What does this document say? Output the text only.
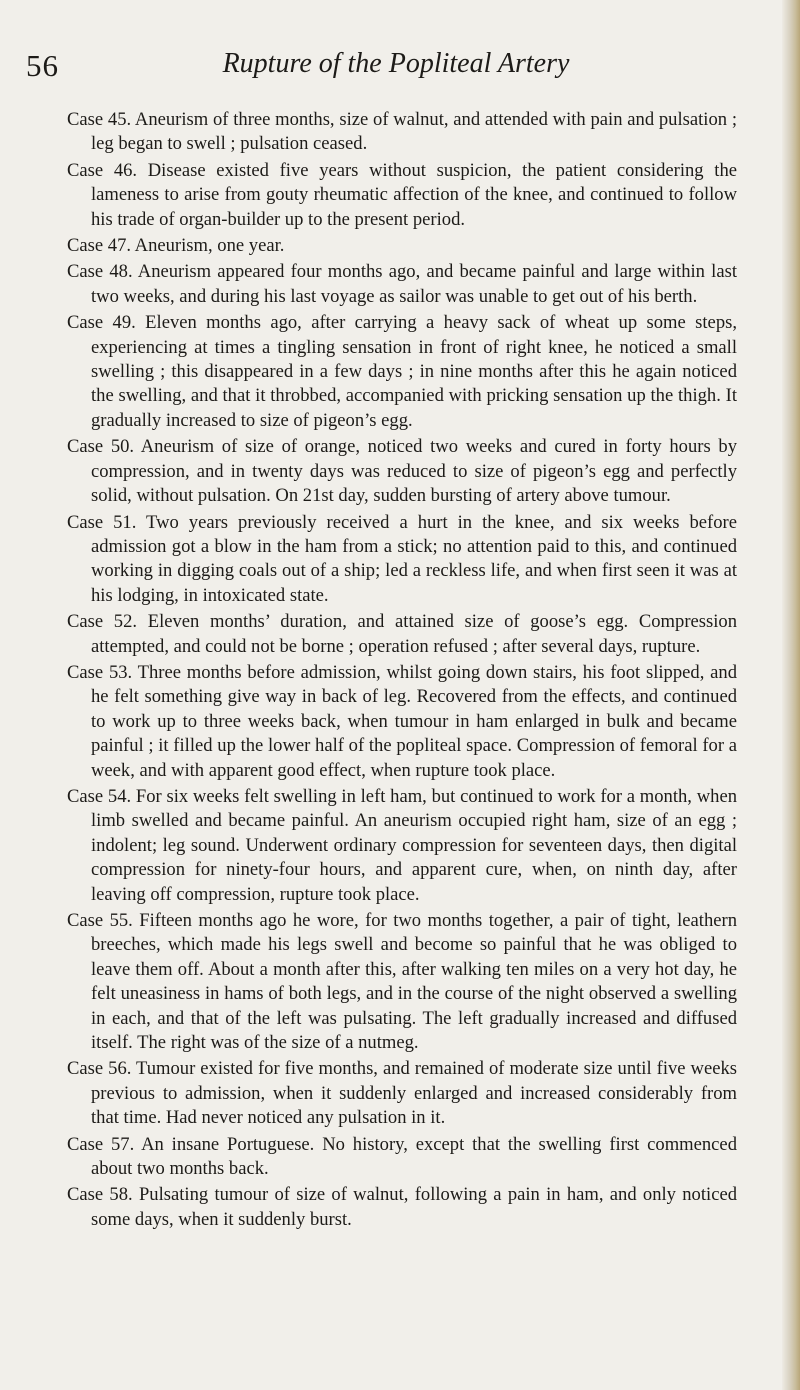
56	Rupture of the Popliteal Artery

Case 45. Aneurism of three months, size of walnut, and attended with pain and pulsation ; leg began to swell ; pulsation ceased.

Case 46. Disease existed five years without suspicion, the patient considering the lameness to arise from gouty rheumatic affection of the knee, and continued to follow his trade of organ-builder up to the present period.

Case 47. Aneurism, one year.

Case 48. Aneurism appeared four months ago, and became painful and large within last two weeks, and during his last voyage as sailor was unable to get out of his berth.

Case 49. Eleven months ago, after carrying a heavy sack of wheat up some steps, experiencing at times a tingling sensation in front of right knee, he noticed a small swelling ; this disappeared in a few days ; in nine months after this he again noticed the swelling, and that it throbbed, accompanied with pricking sensation up the thigh. It gradually increased to size of pigeon’s egg.

Case 50. Aneurism of size of orange, noticed two weeks and cured in forty hours by compression, and in twenty days was reduced to size of pigeon’s egg and perfectly solid, without pulsation. On 21st day, sudden bursting of artery above tumour.

Case 51. Two years previously received a hurt in the knee, and six weeks before admission got a blow in the ham from a stick; no attention paid to this, and continued working in digging coals out of a ship; led a reckless life, and when first seen it was at his lodging, in intoxicated state.

Case 52. Eleven months’ duration, and attained size of goose’s egg. Compression attempted, and could not be borne ; operation refused ; after several days, rupture.

Case 53. Three months before admission, whilst going down stairs, his foot slipped, and he felt something give way in back of leg. Recovered from the effects, and continued to work up to three weeks back, when tumour in ham enlarged in bulk and became painful ; it filled up the lower half of the popliteal space. Compression of femoral for a week, and with apparent good effect, when rupture took place.

Case 54. For six weeks felt swelling in left ham, but continued to work for a month, when limb swelled and became painful. An aneurism occupied right ham, size of an egg ; indolent; leg sound. Underwent ordinary compression for seventeen days, then digital compression for ninety-four hours, and apparent cure, when, on ninth day, after leaving off compression, rupture took place.

Case 55. Fifteen months ago he wore, for two months together, a pair of tight, leathern breeches, which made his legs swell and become so painful that he was obliged to leave them off. About a month after this, after walking ten miles on a very hot day, he felt uneasiness in hams of both legs, and in the course of the night observed a swelling in each, and that of the left was pulsating. The left gradually increased and diffused itself. The right was of the size of a nutmeg.

Case 56. Tumour existed for five months, and remained of moderate size until five weeks previous to admission, when it suddenly enlarged and increased considerably from that time. Had never noticed any pulsation in it.

Case 57. An insane Portuguese. No history, except that the swelling first commenced about two months back.

Case 58. Pulsating tumour of size of walnut, following a pain in ham, and only noticed some days, when it suddenly burst.
